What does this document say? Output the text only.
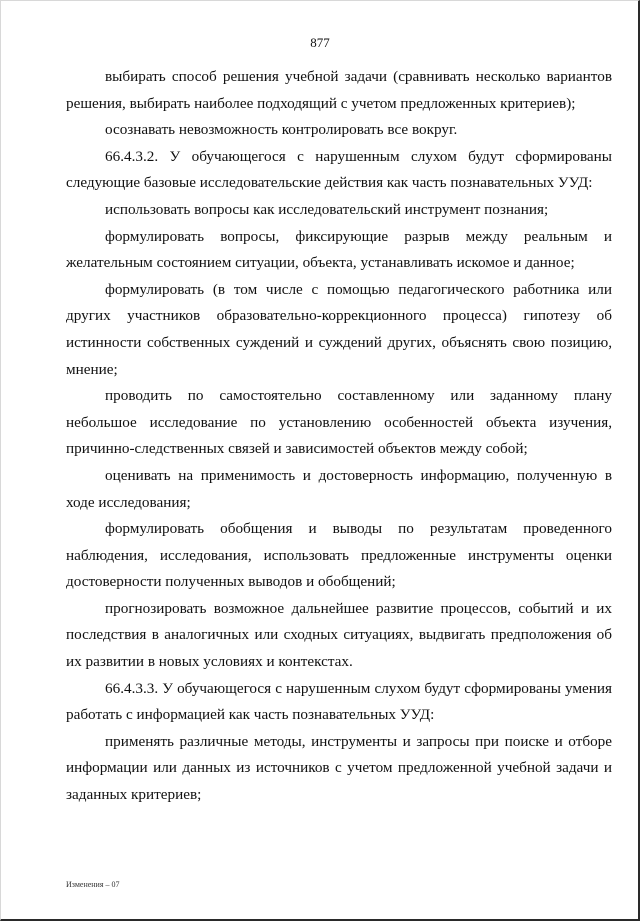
877

выбирать способ решения учебной задачи (сравнивать несколько вариантов решения, выбирать наиболее подходящий с учетом предложенных критериев);

осознавать невозможность контролировать все вокруг.

66.4.3.2. У обучающегося с нарушенным слухом будут сформированы следующие базовые исследовательские действия как часть познавательных УУД:

использовать вопросы как исследовательский инструмент познания;

формулировать вопросы, фиксирующие разрыв между реальным и желательным состоянием ситуации, объекта, устанавливать искомое и данное;

формулировать (в том числе с помощью педагогического работника или других участников образовательно-коррекционного процесса) гипотезу об истинности собственных суждений и суждений других, объяснять свою позицию, мнение;

проводить по самостоятельно составленному или заданному плану небольшое исследование по установлению особенностей объекта изучения, причинно-следственных связей и зависимостей объектов между собой;

оценивать на применимость и достоверность информацию, полученную в ходе исследования;

формулировать обобщения и выводы по результатам проведенного наблюдения, исследования, использовать предложенные инструменты оценки достоверности полученных выводов и обобщений;

прогнозировать возможное дальнейшее развитие процессов, событий и их последствия в аналогичных или сходных ситуациях, выдвигать предположения об их развитии в новых условиях и контекстах.

66.4.3.3. У обучающегося с нарушенным слухом будут сформированы умения работать с информацией как часть познавательных УУД:

применять различные методы, инструменты и запросы при поиске и отборе информации или данных из источников с учетом предложенной учебной задачи и заданных критериев;

Изменения – 07
